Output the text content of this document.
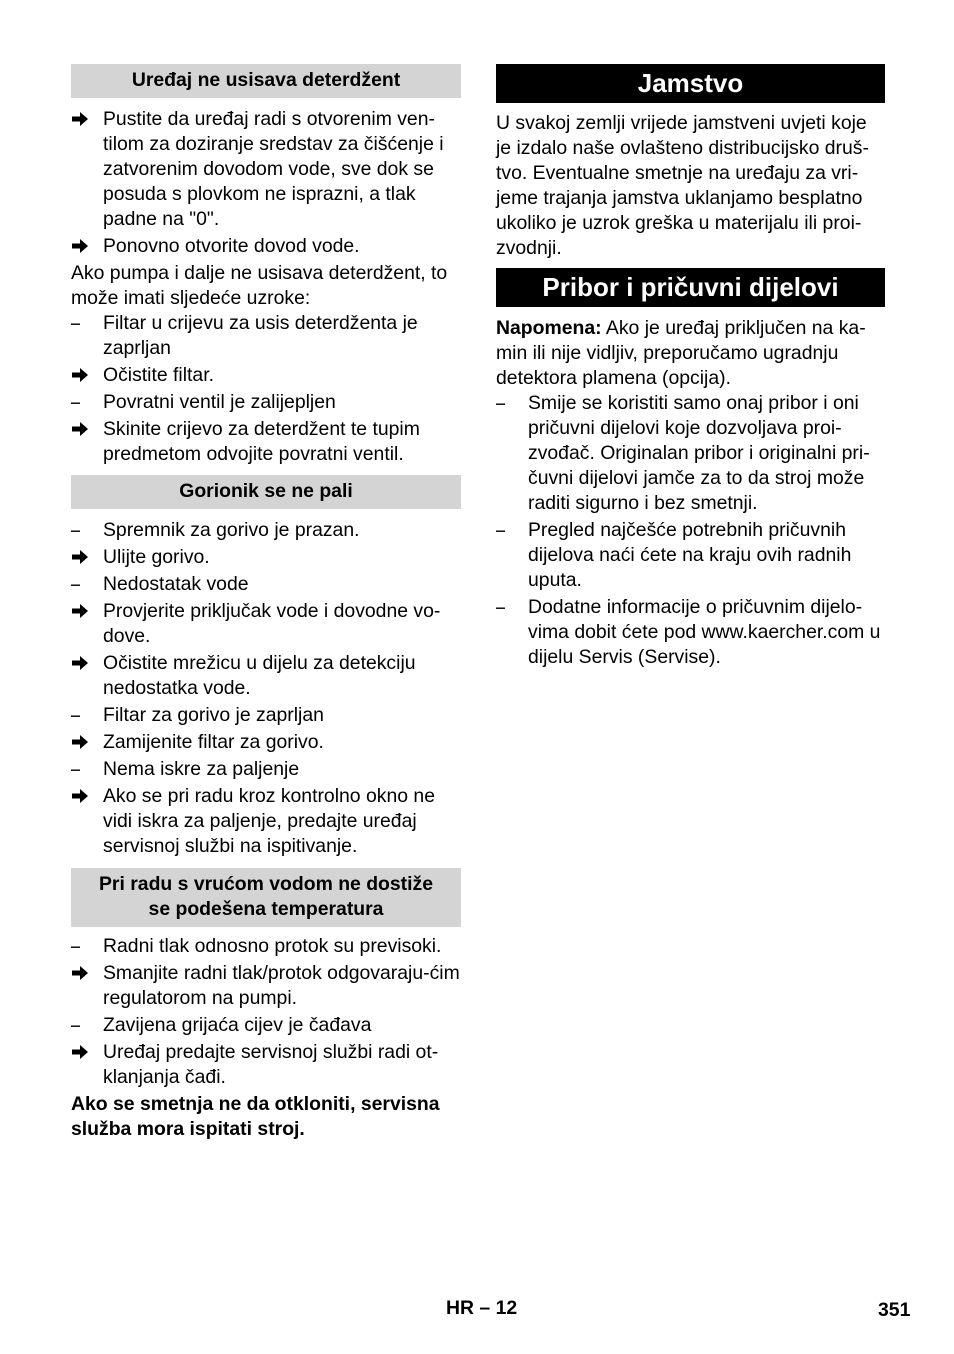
Uređaj ne usisava deterdžent
Pustite da uređaj radi s otvorenim ven-tilom za doziranje sredstav za čišćenje i zatvorenim dovodom vode, sve dok se posuda s plovkom ne isprazni, a tlak padne na "0".
Ponovno otvorite dovod vode.

Ako pumpa i dalje ne usisava deterdžent, to može imati sljedeće uzroke:

Filtar u crijevu za usis deterdženta je zaprljan
Očistite filtar.
Povratni ventil je zalijepljen
Skinite crijevo za deterdžent te tupim predmetom odvojite povratni ventil.
Gorionik se ne pali
Spremnik za gorivo je prazan.
Ulijte gorivo.
Nedostatak vode
Provjerite priključak vode i dovodne vo-dove.
Očistite mrežicu u dijelu za detekciju nedostatka vode.
Filtar za gorivo je zaprljan
Zamijenite filtar za gorivo.
Nema iskre za paljenje
Ako se pri radu kroz kontrolno okno ne vidi iskra za paljenje, predajte uređaj servisnoj službi na ispitivanje.
Pri radu s vrućom vodom ne dostiže
se podešena temperatura
Radni tlak odnosno protok su previsoki.
Smanjite radni tlak/protok odgovaraju-ćim regulatorom na pumpi.
Zavijena grijaća cijev je čađava
Uređaj predajte servisnoj službi radi ot-klanjanja čađi.

Ako se smetnja ne da otkloniti, servisna služba mora ispitati stroj.

Jamstvo

U svakoj zemlji vrijede jamstveni uvjeti koje je izdalo naše ovlašteno distribucijsko druš-tvo. Eventualne smetnje na uređaju za vri-jeme trajanja jamstva uklanjamo besplatno ukoliko je uzrok greška u materijalu ili proi-zvodnji.

Pribor i pričuvni dijelovi

Napomena: Ako je uređaj priključen na ka-min ili nije vidljiv, preporučamo ugradnju detektora plamena (opcija).

Smije se koristiti samo onaj pribor i oni pričuvni dijelovi koje dozvoljava proi-zvođač. Originalan pribor i originalni pri-čuvni dijelovi jamče za to da stroj može raditi sigurno i bez smetnji.
Pregled najčešće potrebnih pričuvnih dijelova naći ćete na kraju ovih radnih uputa.
Dodatne informacije o pričuvnim dijelo-vima dobit ćete pod www.kaercher.com u dijelu Servis (Servise).
HR – 12	351
